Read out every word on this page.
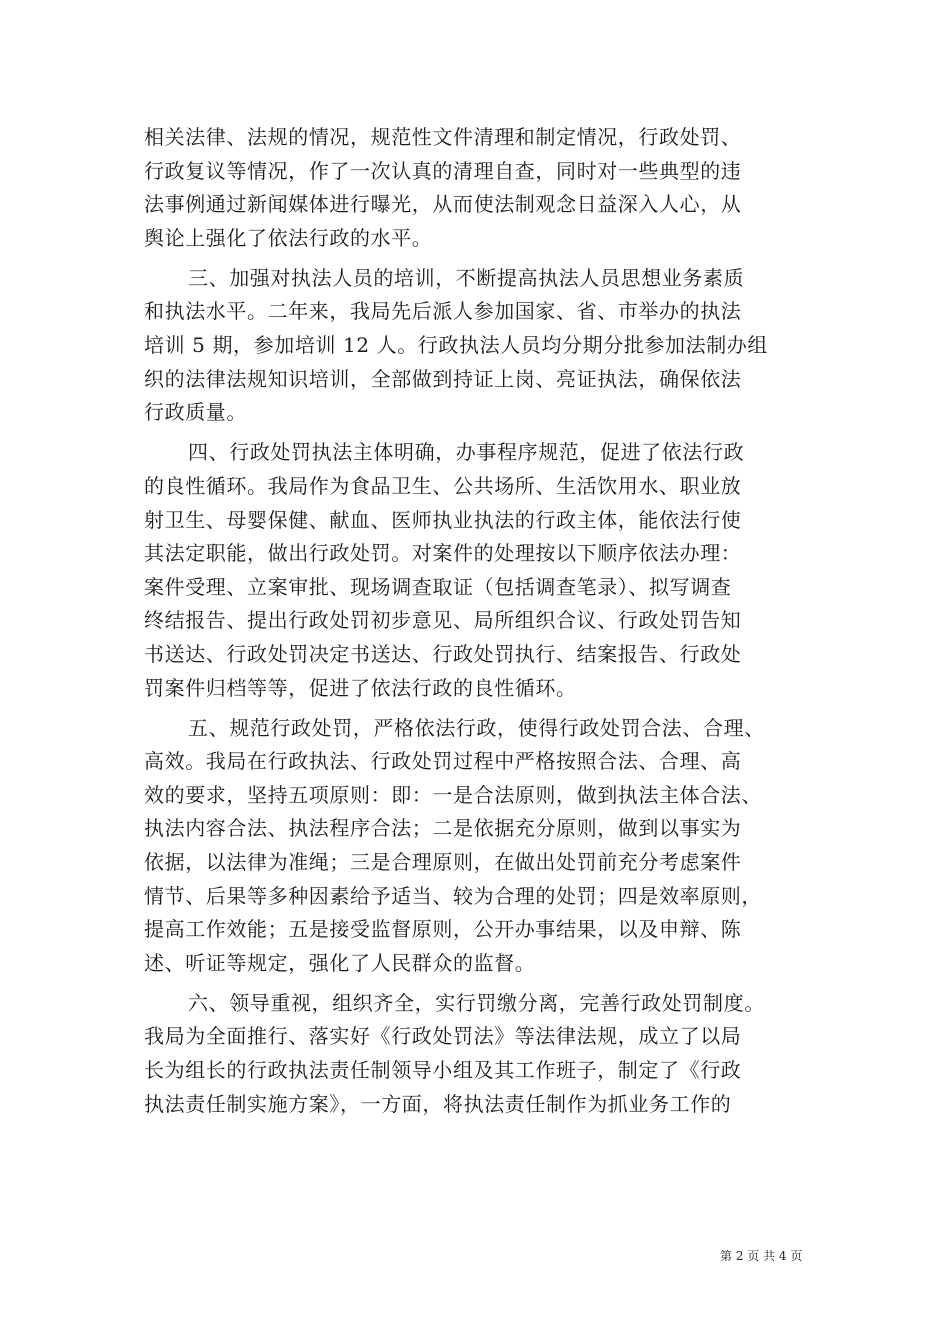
相关法律、法规的情况，规范性文件清理和制定情况，行政处罚、
行政复议等情况，作了一次认真的清理自查，同时对一些典型的违
法事例通过新闻媒体进行曝光，从而使法制观念日益深入人心，从
舆论上强化了依法行政的水平。
三、加强对执法人员的培训，不断提高执法人员思想业务素质
和执法水平。二年来，我局先后派人参加国家、省、市举办的执法
培训 5 期，参加培训 12 人。行政执法人员均分期分批参加法制办组
织的法律法规知识培训，全部做到持证上岗、亮证执法，确保依法
行政质量。
四、行政处罚执法主体明确，办事程序规范，促进了依法行政
的良性循环。我局作为食品卫生、公共场所、生活饮用水、职业放
射卫生、母婴保健、献血、医师执业执法的行政主体，能依法行使
其法定职能，做出行政处罚。对案件的处理按以下顺序依法办理：
案件受理、立案审批、现场调查取证（包括调查笔录）、拟写调查
终结报告、提出行政处罚初步意见、局所组织合议、行政处罚告知
书送达、行政处罚决定书送达、行政处罚执行、结案报告、行政处
罚案件归档等等，促进了依法行政的良性循环。
五、规范行政处罚，严格依法行政，使得行政处罚合法、合理、
高效。我局在行政执法、行政处罚过程中严格按照合法、合理、高
效的要求，坚持五项原则：即：一是合法原则，做到执法主体合法、
执法内容合法、执法程序合法；二是依据充分原则，做到以事实为
依据，以法律为准绳；三是合理原则，在做出处罚前充分考虑案件
情节、后果等多种因素给予适当、较为合理的处罚；四是效率原则，
提高工作效能；五是接受监督原则，公开办事结果，以及申辩、陈
述、听证等规定，强化了人民群众的监督。
六、领导重视，组织齐全，实行罚缴分离，完善行政处罚制度。
我局为全面推行、落实好《行政处罚法》等法律法规，成立了以局
长为组长的行政执法责任制领导小组及其工作班子，制定了《行政
执法责任制实施方案》，一方面，将执法责任制作为抓业务工作的
第 2 页 共 4 页
